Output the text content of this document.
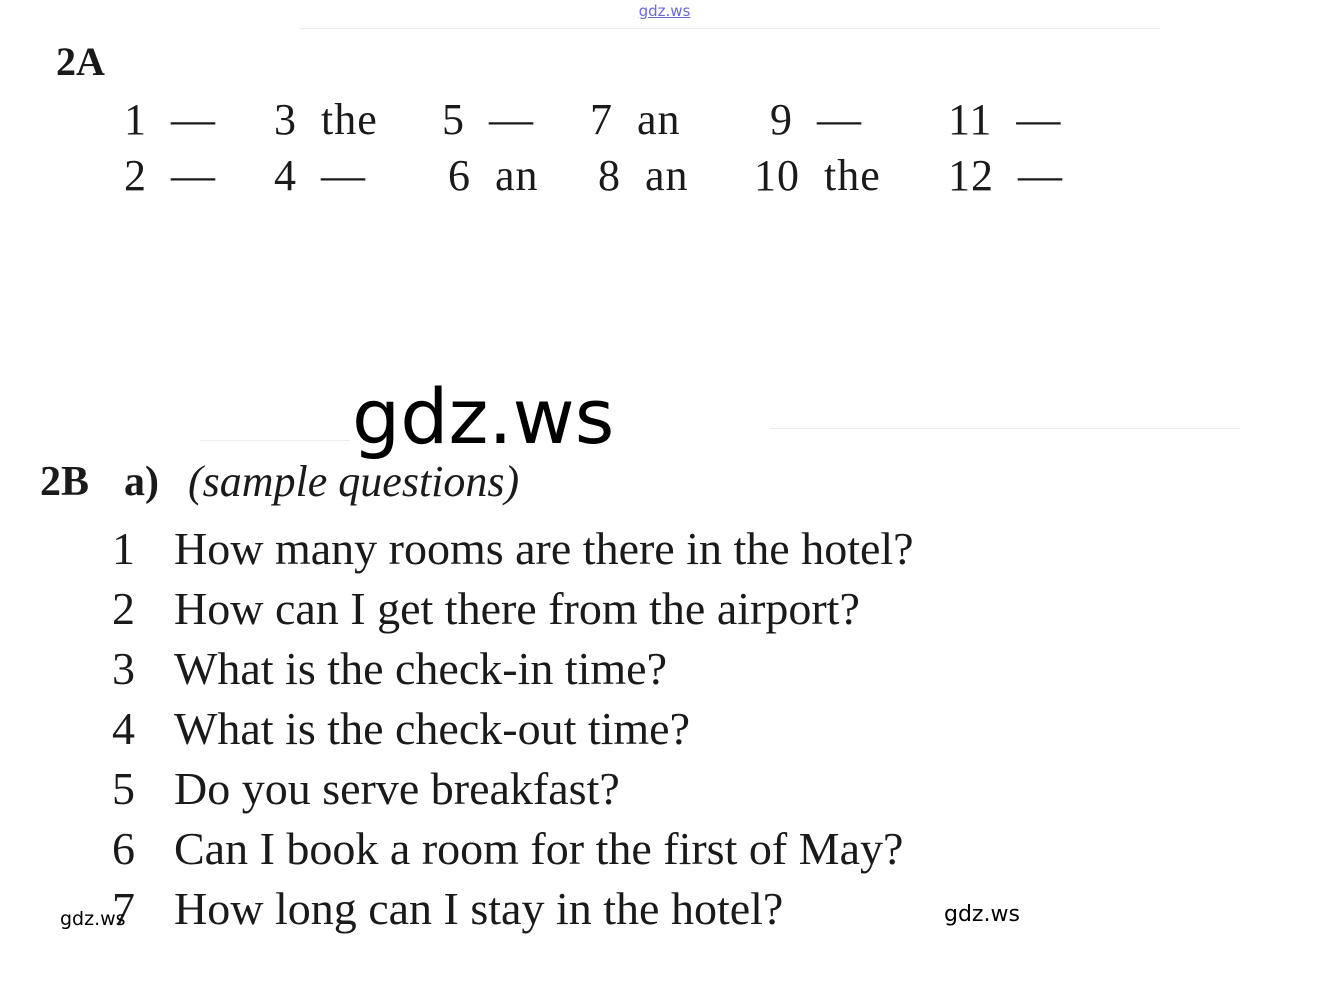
gdz.ws
2A
1 —
2 —
3 the
4 —
5 —
6 an
7 an
8 an
9 —
10 the
11 —
12 —
gdz.ws
2B a) (sample questions)
1 How many rooms are there in the hotel?
2 How can I get there from the airport?
3 What is the check-in time?
4 What is the check-out time?
5 Do you serve breakfast?
6 Can I book a room for the first of May?
7 How long can I stay in the hotel?
gdz.ws	gdz.ws
